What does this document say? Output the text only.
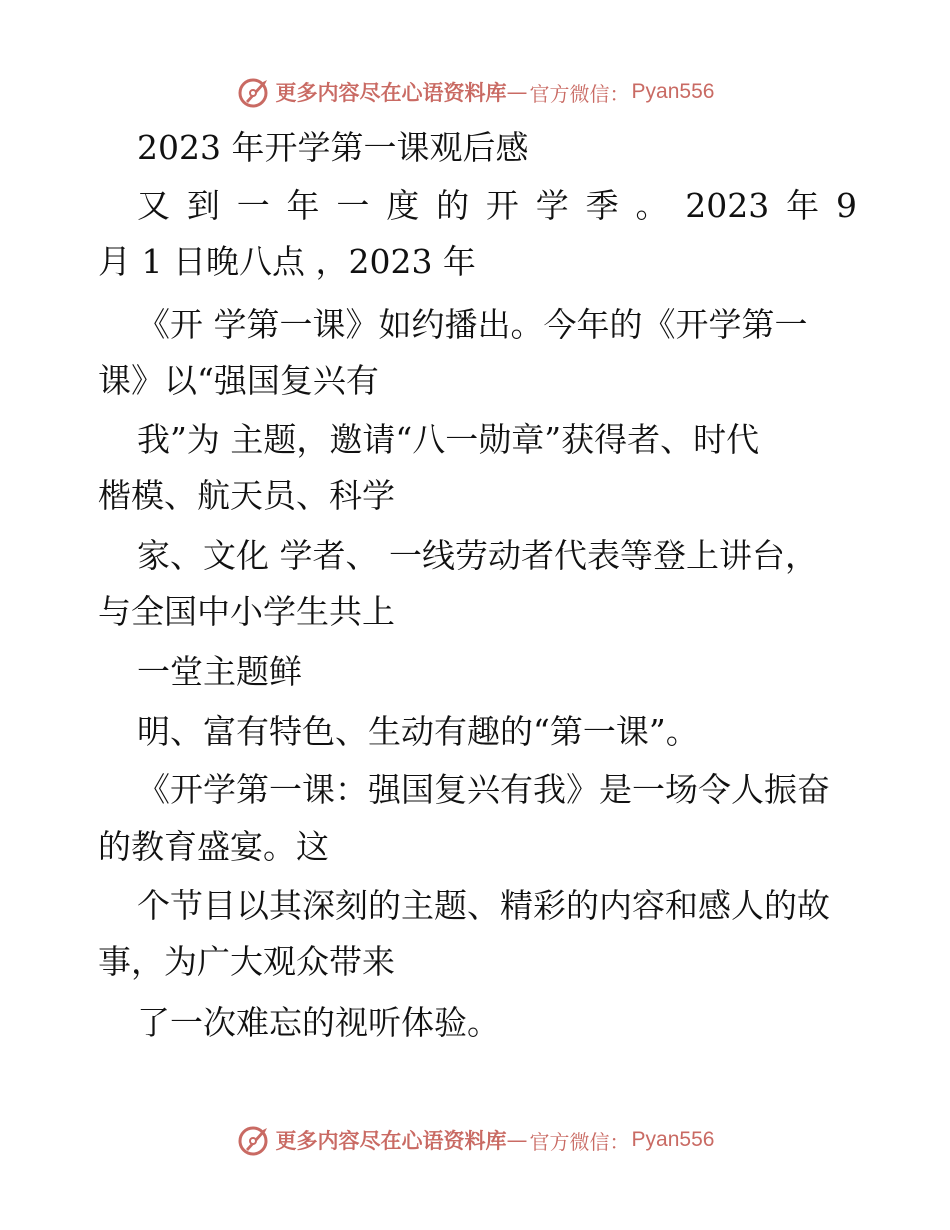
更多内容尽在心语资料库 — 官方微信： Pyan556
2023 年开学第一课观后感
又 到 一 年 一 度 的 开 学 季 。 2023 年 9
月 1 日晚八点 ，2023 年
《开 学第一课》如约播出。今年的《开学第一
课》以“强国复兴有
我”为 主题，邀请“八一勋章”获得者、时代
楷模、航天员、科学
家、文化 学者、 一线劳动者代表等登上讲台，
与全国中小学生共上
一堂主题鲜
明、富有特色、生动有趣的“第一课”。
《开学第一课：强国复兴有我》是一场令人振奋
的教育盛宴。这
个节目以其深刻的主题、精彩的内容和感人的故
事，为广大观众带来
了一次难忘的视听体验。
更多内容尽在心语资料库 — 官方微信： Pyan556
